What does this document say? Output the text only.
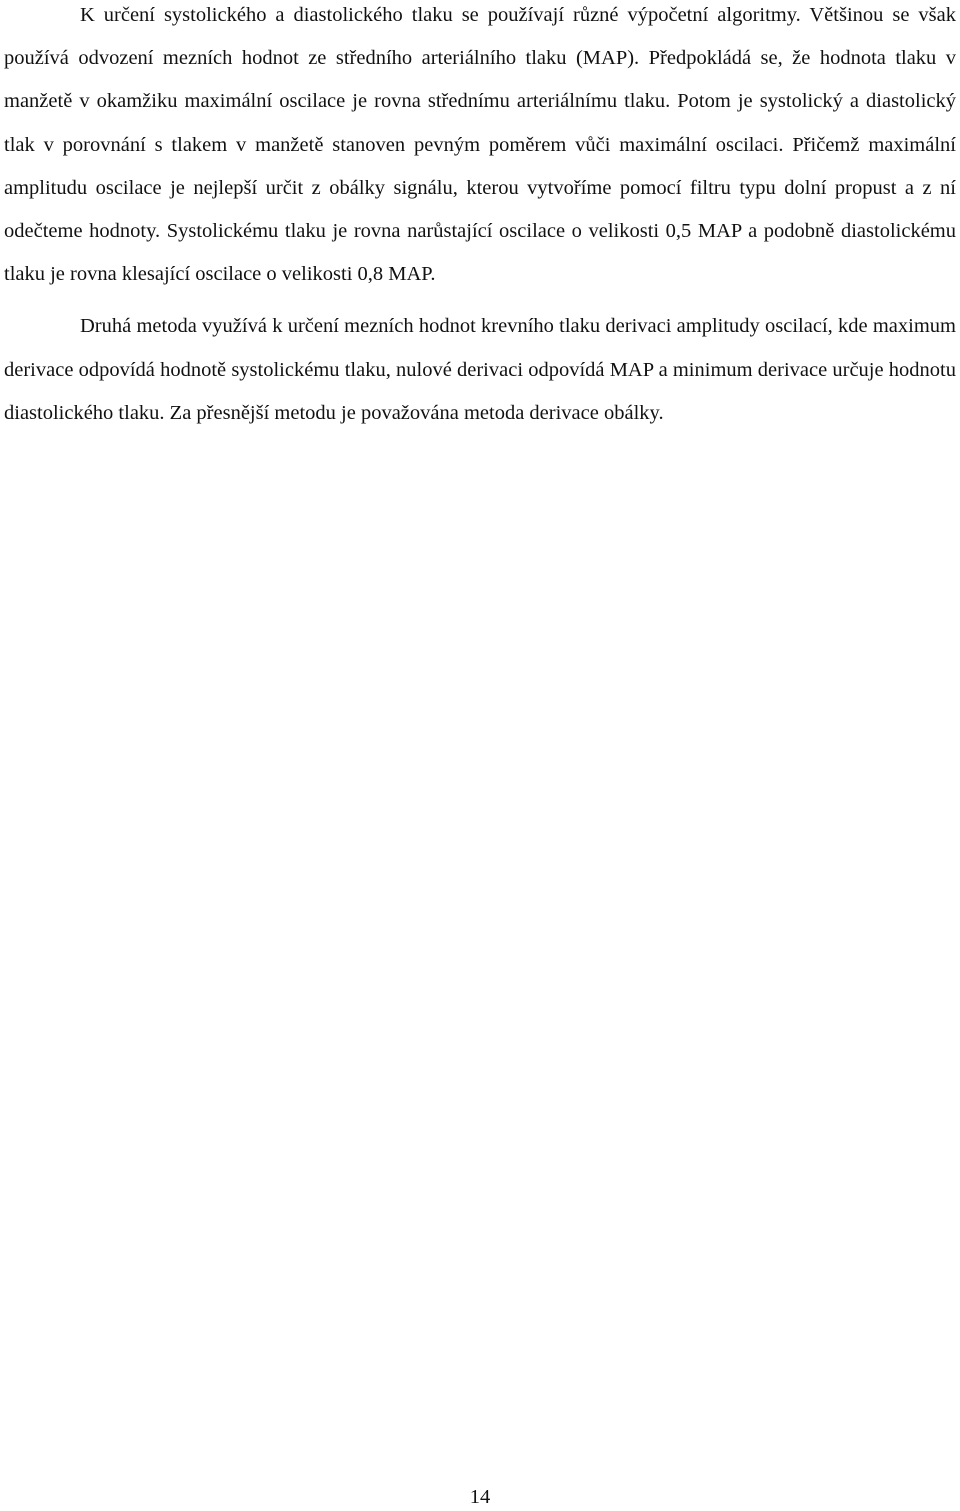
K určení systolického a diastolického tlaku se používají různé výpočetní algoritmy. Většinou se však používá odvození mezních hodnot ze středního arteriálního tlaku (MAP). Předpokládá se, že hodnota tlaku v manžetě v okamžiku maximální oscilace je rovna střednímu arteriálnímu tlaku. Potom je systolický a diastolický tlak v porovnání s tlakem v manžetě stanoven pevným poměrem vůči maximální oscilaci. Přičemž maximální amplitudu oscilace je nejlepší určit z obálky signálu, kterou vytvoříme pomocí filtru typu dolní propust a z ní odečteme hodnoty. Systolickému tlaku je rovna narůstající oscilace o velikosti 0,5 MAP a podobně diastolickému tlaku je rovna klesající oscilace o velikosti 0,8 MAP.

Druhá metoda využívá k určení mezních hodnot krevního tlaku derivaci amplitudy oscilací, kde maximum derivace odpovídá hodnotě systolickému tlaku, nulové derivaci odpovídá MAP a minimum derivace určuje hodnotu diastolického tlaku. Za přesnější metodu je považována metoda derivace obálky.

14
